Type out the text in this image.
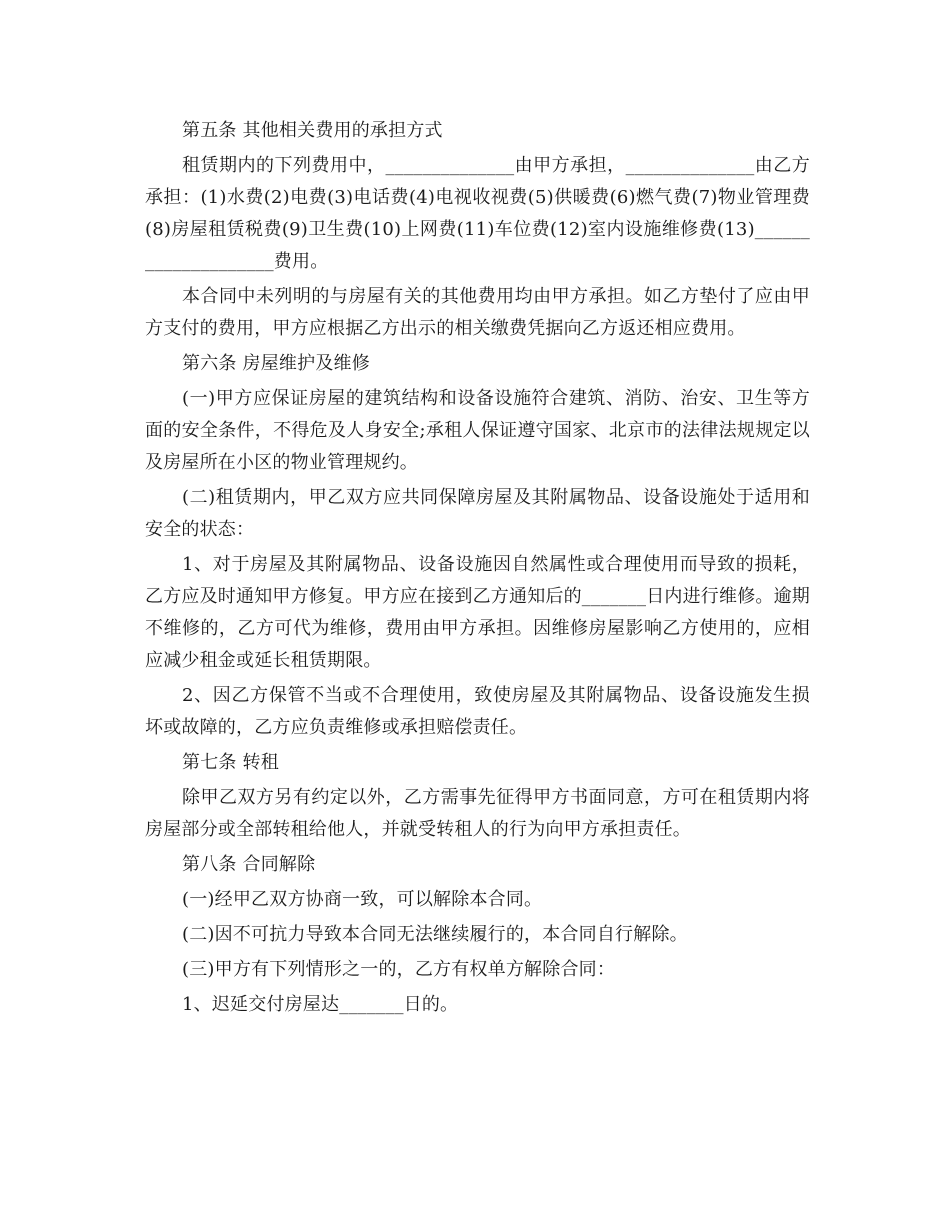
第五条 其他相关费用的承担方式

租赁期内的下列费用中，______________由甲方承担，______________由乙方承担：(1)水费(2)电费(3)电话费(4)电视收视费(5)供暖费(6)燃气费(7)物业管理费(8)房屋租赁税费(9)卫生费(10)上网费(11)车位费(12)室内设施维修费(13)____________________费用。

本合同中未列明的与房屋有关的其他费用均由甲方承担。如乙方垫付了应由甲方支付的费用，甲方应根据乙方出示的相关缴费凭据向乙方返还相应费用。

第六条 房屋维护及维修

(一)甲方应保证房屋的建筑结构和设备设施符合建筑、消防、治安、卫生等方面的安全条件，不得危及人身安全;承租人保证遵守国家、北京市的法律法规规定以及房屋所在小区的物业管理规约。

(二)租赁期内，甲乙双方应共同保障房屋及其附属物品、设备设施处于适用和安全的状态：

1、对于房屋及其附属物品、设备设施因自然属性或合理使用而导致的损耗，乙方应及时通知甲方修复。甲方应在接到乙方通知后的_______日内进行维修。逾期不维修的，乙方可代为维修，费用由甲方承担。因维修房屋影响乙方使用的，应相应减少租金或延长租赁期限。

2、因乙方保管不当或不合理使用，致使房屋及其附属物品、设备设施发生损坏或故障的，乙方应负责维修或承担赔偿责任。

第七条 转租

除甲乙双方另有约定以外，乙方需事先征得甲方书面同意，方可在租赁期内将房屋部分或全部转租给他人，并就受转租人的行为向甲方承担责任。

第八条 合同解除

(一)经甲乙双方协商一致，可以解除本合同。

(二)因不可抗力导致本合同无法继续履行的，本合同自行解除。

(三)甲方有下列情形之一的，乙方有权单方解除合同：

1、迟延交付房屋达_______日的。
